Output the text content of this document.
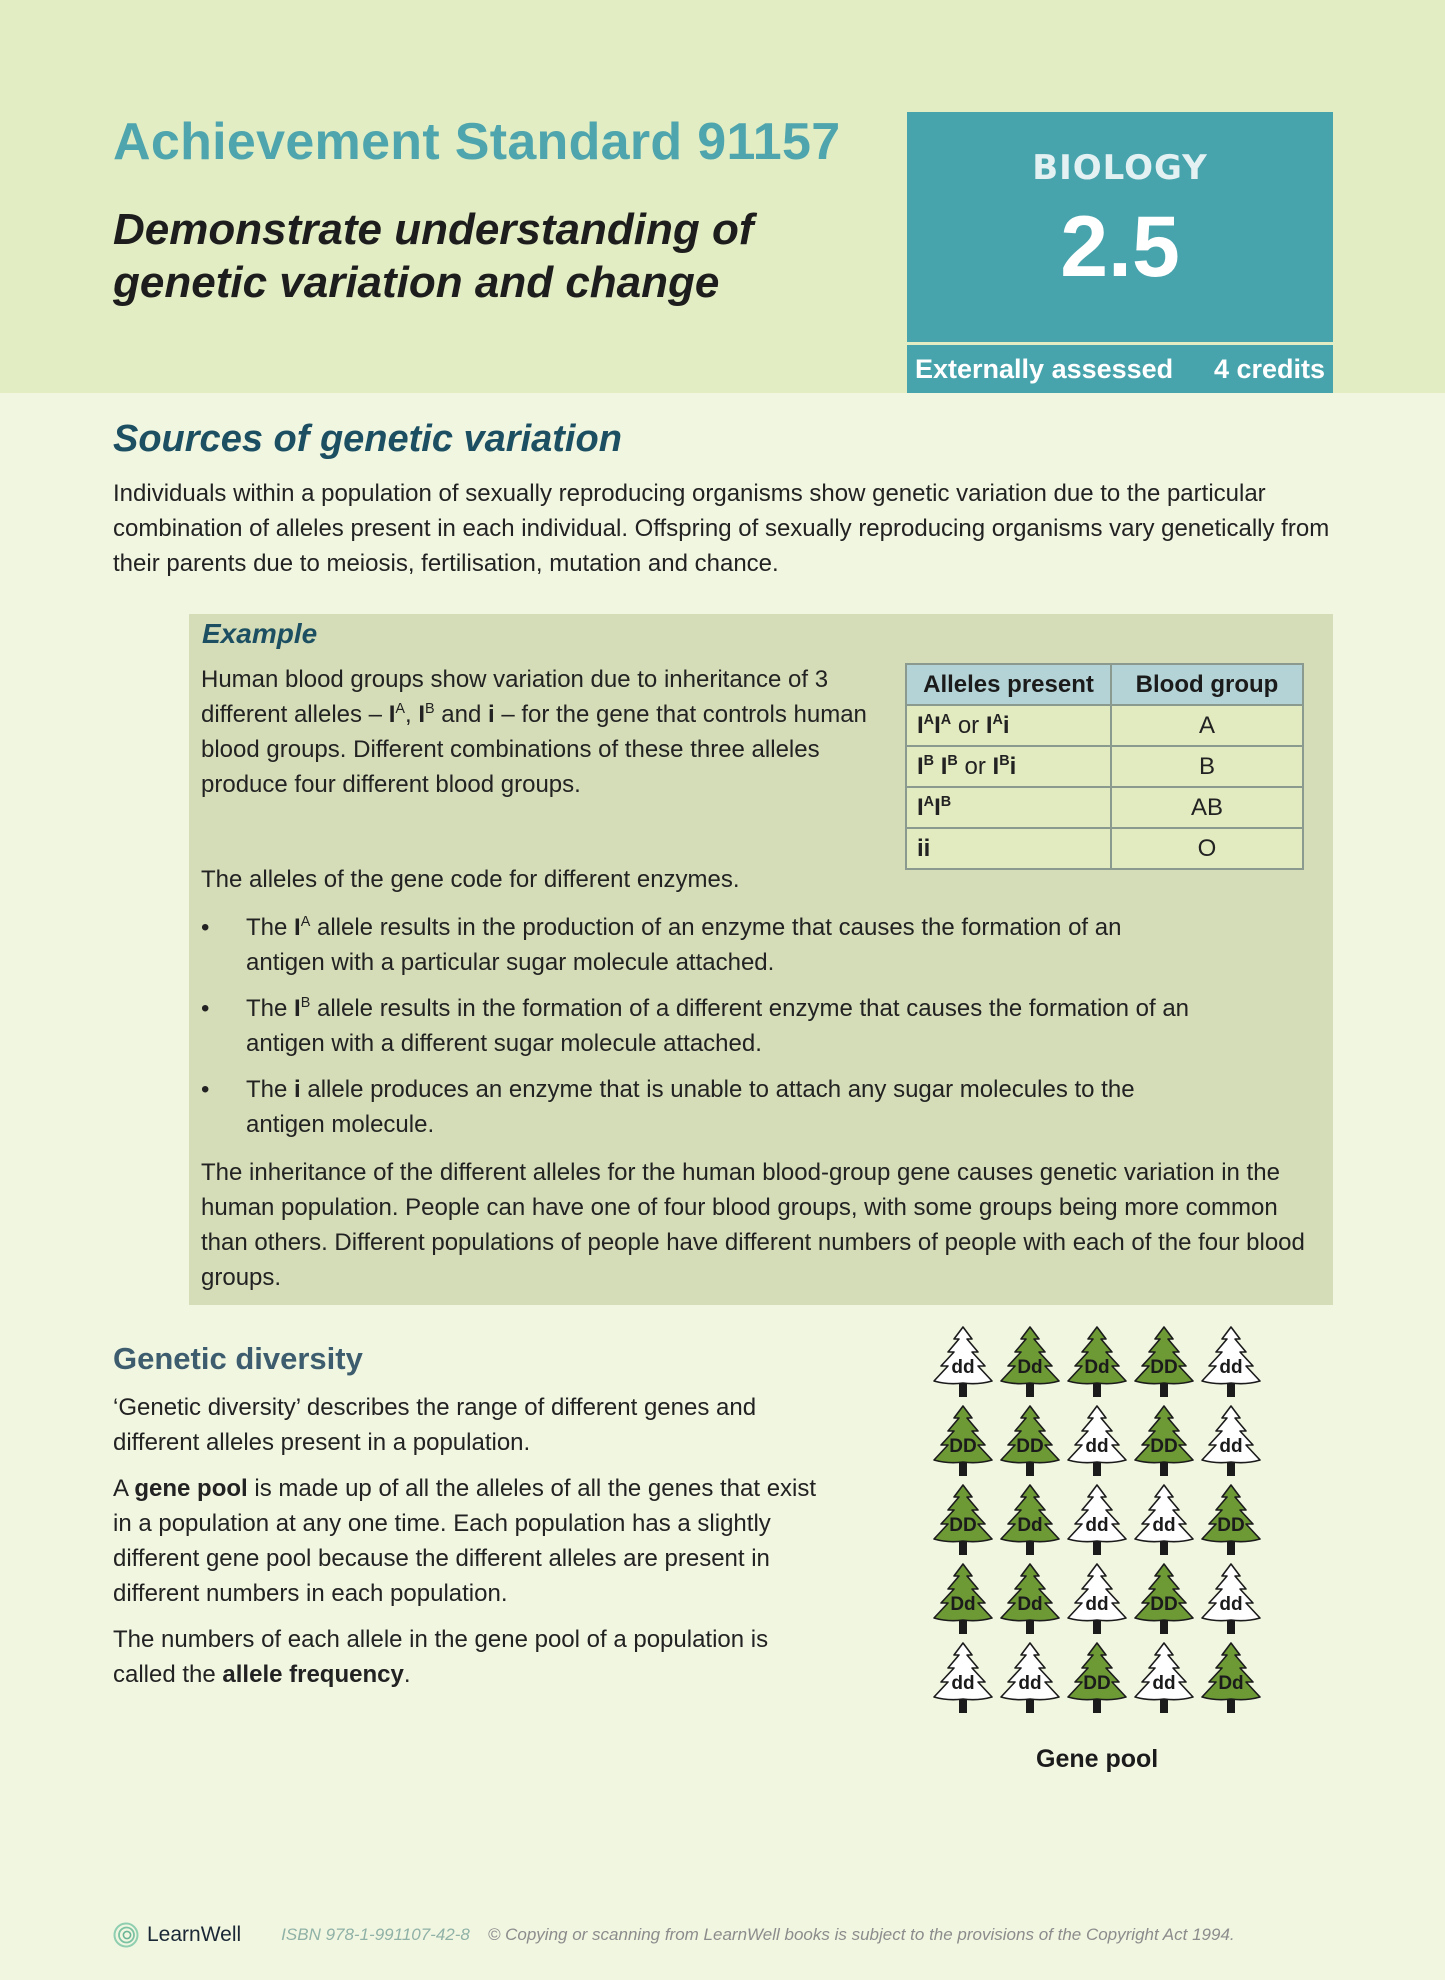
Achievement Standard 91157
Demonstrate understanding of genetic variation and change
BIOLOGY
2.5
Externally assessed 4 credits
Sources of genetic variation

Individuals within a population of sexually reproducing organisms show genetic variation due to the particular combination of alleles present in each individual. Offspring of sexually reproducing organisms vary genetically from their parents due to meiosis, fertilisation, mutation and chance.

Example

Human blood groups show variation due to inheritance of 3 different alleles – $I^A$, $I^B$ and i – for the gene that controls human blood groups. Different combinations of these three alleles produce four different blood groups.

Alleles present	Blood group
$I^AI^A$ or $I^Ai$	A
$I^B$ $I^B$ or $I^Bi$	B
$I^AI^B$	AB
ii	O

The alleles of the gene code for different enzymes.

• The $I^A$ allele results in the production of an enzyme that causes the formation of an antigen with a particular sugar molecule attached.
• The $I^B$ allele results in the formation of a different enzyme that causes the formation of an antigen with a different sugar molecule attached.
• The i allele produces an enzyme that is unable to attach any sugar molecules to the antigen molecule.

The inheritance of the different alleles for the human blood-group gene causes genetic variation in the human population. People can have one of four blood groups, with some groups being more common than others. Different populations of people have different numbers of people with each of the four blood groups.

Genetic diversity

‘Genetic diversity’ describes the range of different genes and different alleles present in a population.

A gene pool is made up of all the alleles of all the genes that exist in a population at any one time. Each population has a slightly different gene pool because the different alleles are present in different numbers in each population.

The numbers of each allele in the gene pool of a population is called the allele frequency.

dd	Dd	Dd	DD	dd
DD	DD	dd	DD	dd
DD	Dd	dd	dd	DD
Dd	Dd	dd	DD	dd
dd	dd	DD	dd	Dd
Gene pool
LearnWell ISBN 978-1-991107-42-8 © Copying or scanning from LearnWell books is subject to the provisions of the Copyright Act 1994.
